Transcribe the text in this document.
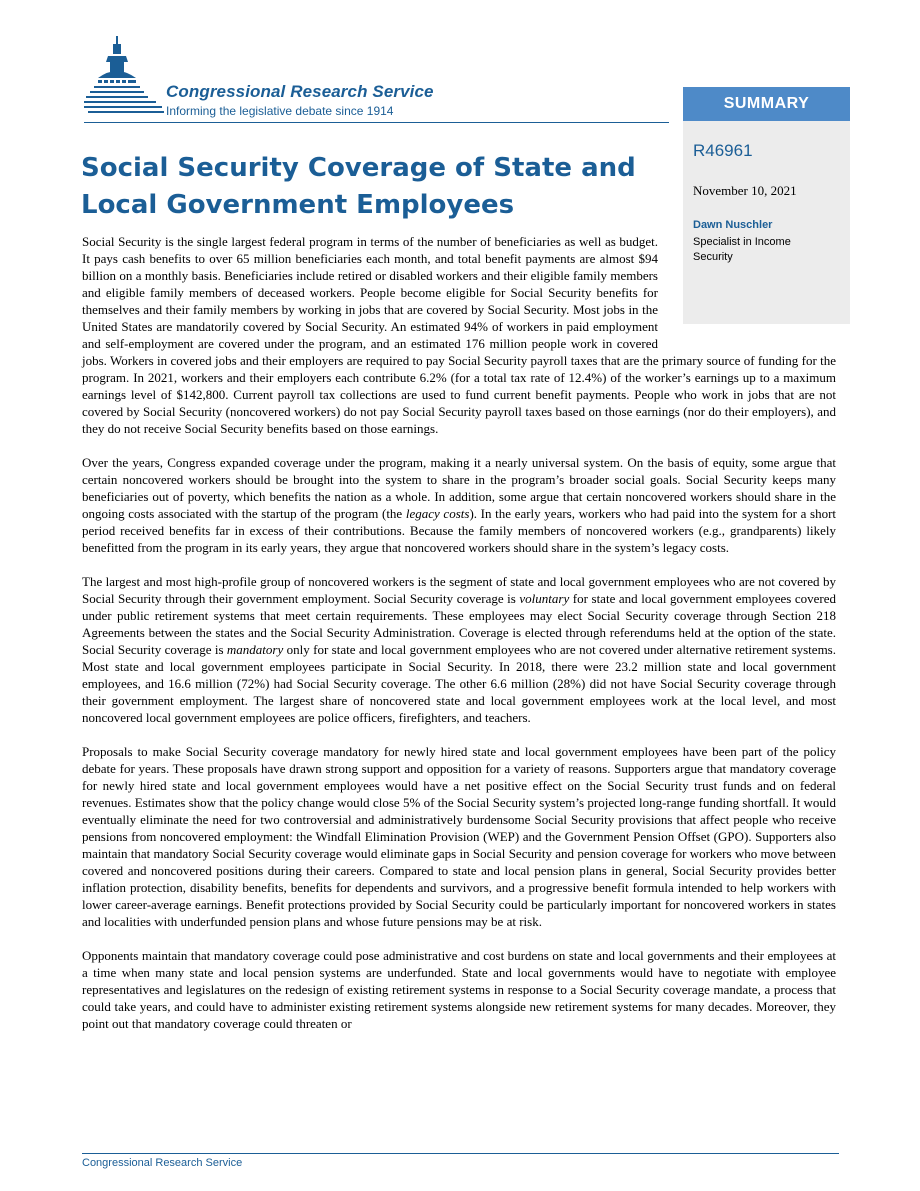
Congressional Research Service

Informing the legislative debate since 1914	SUMMARY
R46961
November 10, 2021
Dawn Nuschler
Specialist in Income Security
Social Security Coverage of State and Local Government Employees

Social Security is the single largest federal program in terms of the number of beneficiaries as well as budget. It pays cash benefits to over 65 million beneficiaries each month, and total benefit payments are almost $94 billion on a monthly basis. Beneficiaries include retired or disabled workers and their eligible family members and eligible family members of deceased workers. People become eligible for Social Security benefits for themselves and their family members by working in jobs that are covered by Social Security. Most jobs in the United States are mandatorily covered by Social Security. An estimated 94% of workers in paid employment and self-employment are covered under the program, and an estimated 176 million people work in covered jobs. Workers in covered jobs and their employers are required to pay Social Security payroll taxes that are the primary source of funding for the program. In 2021, workers and their employers each contribute 6.2% (for a total tax rate of 12.4%) of the worker’s earnings up to a maximum earnings level of $142,800. Current payroll tax collections are used to fund current benefit payments. People who work in jobs that are not covered by Social Security (noncovered workers) do not pay Social Security payroll taxes based on those earnings (nor do their employers), and they do not receive Social Security benefits based on those earnings.

Over the years, Congress expanded coverage under the program, making it a nearly universal system. On the basis of equity, some argue that certain noncovered workers should be brought into the system to share in the program’s broader social goals. Social Security keeps many beneficiaries out of poverty, which benefits the nation as a whole. In addition, some argue that certain noncovered workers should share in the ongoing costs associated with the startup of the program (the legacy costs). In the early years, workers who had paid into the system for a short period received benefits far in excess of their contributions. Because the family members of noncovered workers (e.g., grandparents) likely benefitted from the program in its early years, they argue that noncovered workers should share in the system’s legacy costs.

The largest and most high-profile group of noncovered workers is the segment of state and local government employees who are not covered by Social Security through their government employment. Social Security coverage is voluntary for state and local government employees covered under public retirement systems that meet certain requirements. These employees may elect Social Security coverage through Section 218 Agreements between the states and the Social Security Administration. Coverage is elected through referendums held at the option of the state. Social Security coverage is mandatory only for state and local government employees who are not covered under alternative retirement systems. Most state and local government employees participate in Social Security. In 2018, there were 23.2 million state and local government employees, and 16.6 million (72%) had Social Security coverage. The other 6.6 million (28%) did not have Social Security coverage through their government employment. The largest share of noncovered state and local government employees work at the local level, and most noncovered local government employees are police officers, firefighters, and teachers.

Proposals to make Social Security coverage mandatory for newly hired state and local government employees have been part of the policy debate for years. These proposals have drawn strong support and opposition for a variety of reasons. Supporters argue that mandatory coverage for newly hired state and local government employees would have a net positive effect on the Social Security trust funds and on federal revenues. Estimates show that the policy change would close 5% of the Social Security system’s projected long-range funding shortfall. It would eventually eliminate the need for two controversial and administratively burdensome Social Security provisions that affect people who receive pensions from noncovered employment: the Windfall Elimination Provision (WEP) and the Government Pension Offset (GPO). Supporters also maintain that mandatory Social Security coverage would eliminate gaps in Social Security and pension coverage for workers who move between covered and noncovered positions during their careers. Compared to state and local pension plans in general, Social Security provides better inflation protection, disability benefits, benefits for dependents and survivors, and a progressive benefit formula intended to help workers with lower career-average earnings. Benefit protections provided by Social Security could be particularly important for noncovered workers in states and localities with underfunded pension plans and whose future pensions may be at risk.

Opponents maintain that mandatory coverage could pose administrative and cost burdens on state and local governments and their employees at a time when many state and local pension systems are underfunded. State and local governments would have to negotiate with employee representatives and legislatures on the redesign of existing retirement systems in response to a Social Security coverage mandate, a process that could take years, and could have to administer existing retirement systems alongside new retirement systems for many decades. Moreover, they point out that mandatory coverage could threaten or

Congressional Research Service
